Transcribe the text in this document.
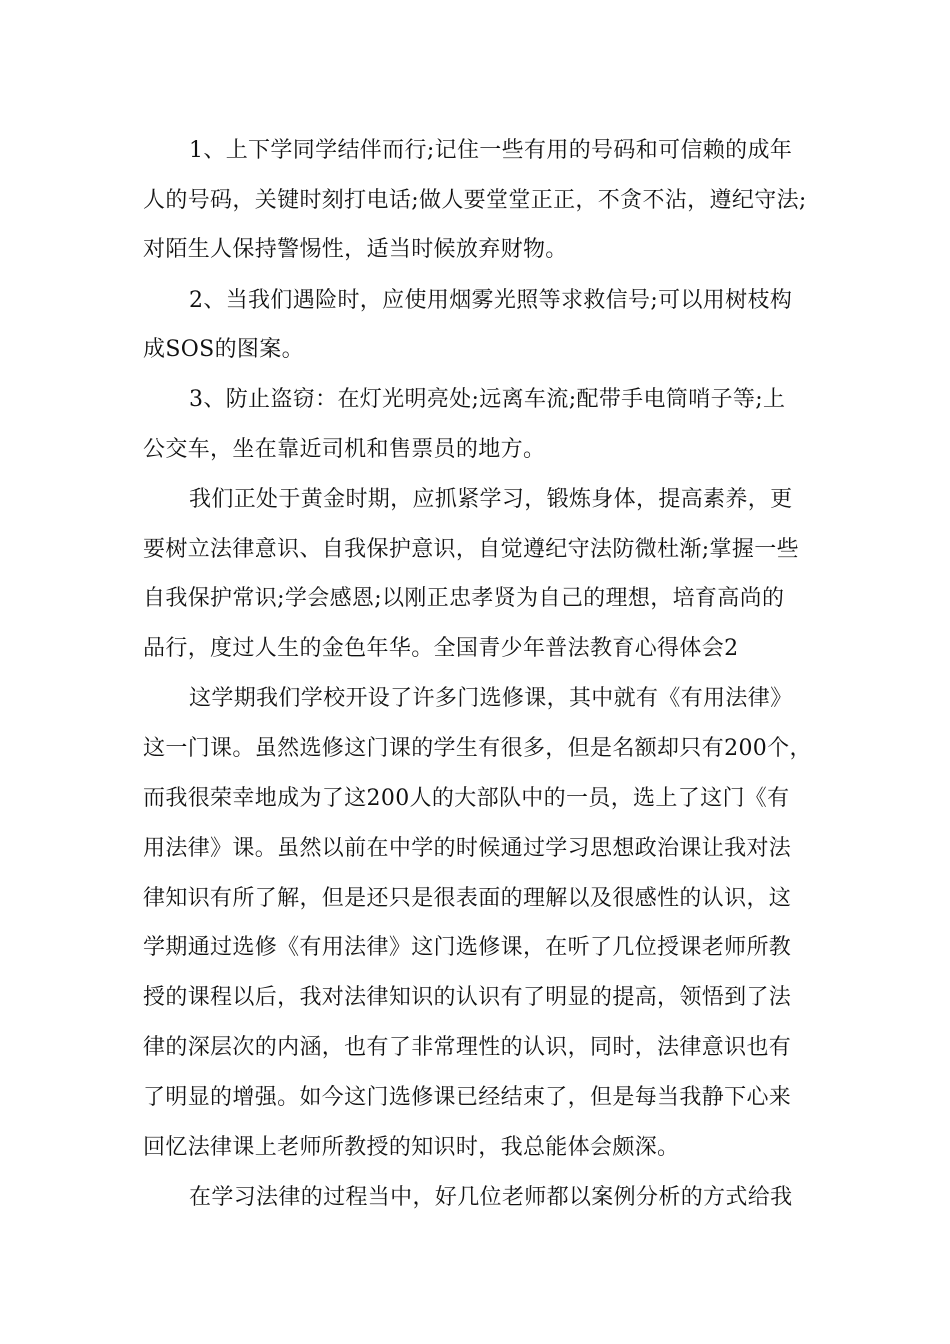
1、上下学同学结伴而行;记住一些有用的号码和可信赖的成年
人的号码，关键时刻打电话;做人要堂堂正正，不贪不沾，遵纪守法;
对陌生人保持警惕性，适当时候放弃财物。
2、当我们遇险时，应使用烟雾光照等求救信号;可以用树枝构
成SOS的图案。
3、防止盗窃：在灯光明亮处;远离车流;配带手电筒哨子等;上
公交车，坐在靠近司机和售票员的地方。
我们正处于黄金时期，应抓紧学习，锻炼身体，提高素养，更
要树立法律意识、自我保护意识，自觉遵纪守法防微杜渐;掌握一些
自我保护常识;学会感恩;以刚正忠孝贤为自己的理想，培育高尚的
品行，度过人生的金色年华。全国青少年普法教育心得体会2
这学期我们学校开设了许多门选修课，其中就有《有用法律》
这一门课。虽然选修这门课的学生有很多，但是名额却只有200个，
而我很荣幸地成为了这200人的大部队中的一员，选上了这门《有
用法律》课。虽然以前在中学的时候通过学习思想政治课让我对法
律知识有所了解，但是还只是很表面的理解以及很感性的认识，这
学期通过选修《有用法律》这门选修课，在听了几位授课老师所教
授的课程以后，我对法律知识的认识有了明显的提高，领悟到了法
律的深层次的内涵，也有了非常理性的认识，同时，法律意识也有
了明显的增强。如今这门选修课已经结束了，但是每当我静下心来
回忆法律课上老师所教授的知识时，我总能体会颇深。
在学习法律的过程当中，好几位老师都以案例分析的方式给我
